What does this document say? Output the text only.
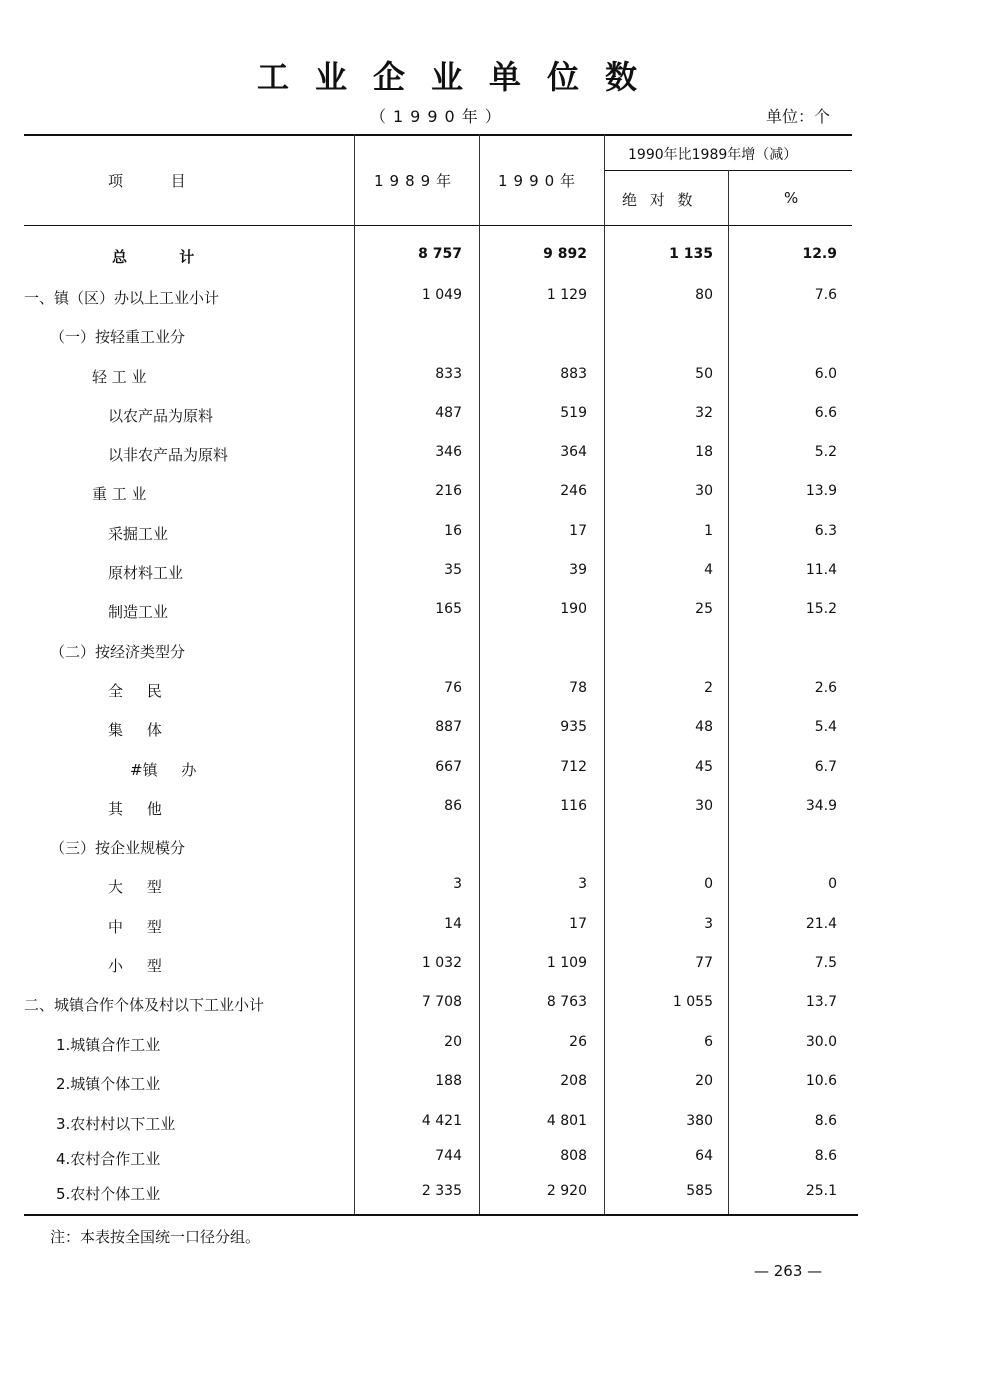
工业企业单位数
（1990年）	单位：个
项          目	1989年	1990年
1990年比1989年增（减）
绝 对 数	%
总          计	8 757	9 892	1 135	12.9
一、镇（区）办以上工业小计	1 049	1 129	80	7.6
（一）按轻重工业分
轻 工 业	833	883	50	6.0
以农产品为原料	487	519	32	6.6
以非农产品为原料	346	364	18	5.2
重 工 业	216	246	30	13.9
采掘工业	16	17	1	6.3
原材料工业	35	39	4	11.4
制造工业	165	190	25	15.2
（二）按经济类型分
全     民	76	78	2	2.6
集     体	887	935	48	5.4
#镇     办	667	712	45	6.7
其     他	86	116	30	34.9
（三）按企业规模分
大     型	3	3	0	0
中     型	14	17	3	21.4
小     型	1 032	1 109	77	7.5
二、城镇合作个体及村以下工业小计	7 708	8 763	1 055	13.7
1.城镇合作工业	20	26	6	30.0
2.城镇个体工业	188	208	20	10.6
3.农村村以下工业	4 421	4 801	380	8.6
4.农村合作工业	744	808	64	8.6
5.农村个体工业	2 335	2 920	585	25.1
注：本表按全国统一口径分组。
— 263 —
